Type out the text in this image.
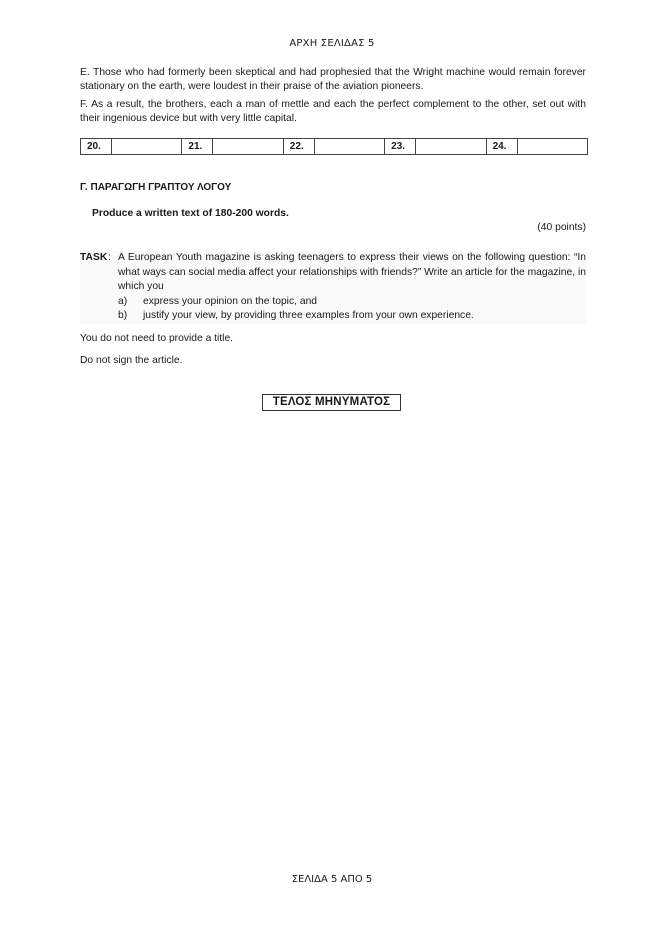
ΑΡΧΗ ΣΕΛΙΔΑΣ 5
E. Those who had formerly been skeptical and had prophesied that the Wright machine would remain forever stationary on the earth, were loudest in their praise of the aviation pioneers.
F. As a result, the brothers, each a man of mettle and each the perfect complement to the other, set out with their ingenious device but with very little capital.
20.		21.		22.		23.		24.	
Γ. ΠΑΡΑΓΩΓΗ ΓΡΑΠΤΟΥ ΛΟΓΟΥ
Produce a written text of 180-200 words.
(40 points)
TASK : A European Youth magazine is asking teenagers to express their views on the following question: “In what ways can social media affect your relationships with friends?” Write an article for the magazine, in which you
a) express your opinion on the topic, and
b) justify your view, by providing three examples from your own experience.
You do not need to provide a title.
Do not sign the article.
ΤΕΛΟΣ ΜΗΝΥΜΑΤΟΣ
ΣΕΛΙΔΑ 5 ΑΠΟ 5
